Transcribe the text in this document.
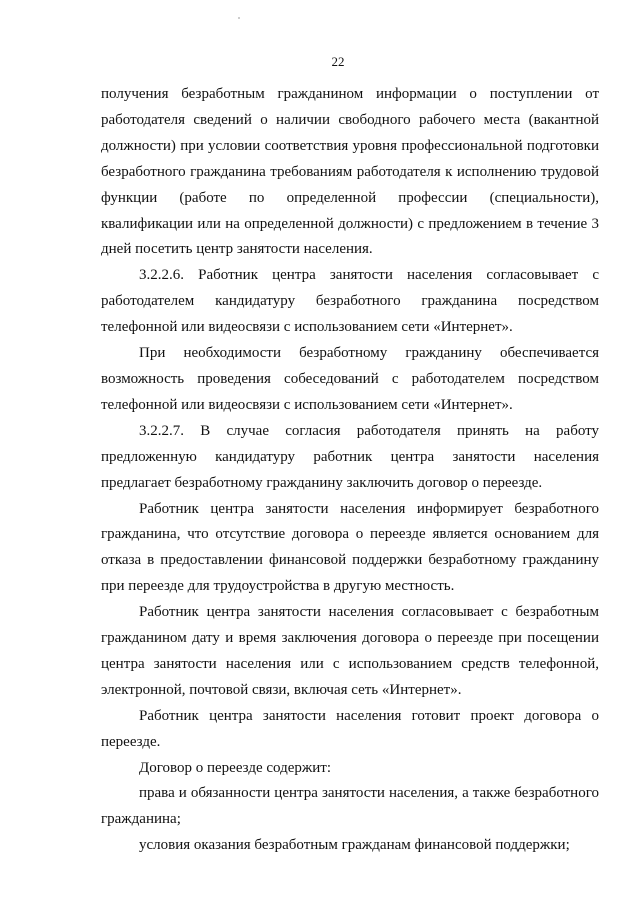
22

получения безработным гражданином информации о поступлении от работодателя сведений о наличии свободного рабочего места (вакантной должности) при условии соответствия уровня профессиональной подготовки безработного гражданина требованиям работодателя к исполнению трудовой функции (работе по определенной профессии (специальности), квалификации или на определенной должности) с предложением в течение 3 дней посетить центр занятости населения.

3.2.2.6. Работник центра занятости населения согласовывает с работодателем кандидатуру безработного гражданина посредством телефонной или видеосвязи с использованием сети «Интернет».

При необходимости безработному гражданину обеспечивается возможность проведения собеседований с работодателем посредством телефонной или видеосвязи с использованием сети «Интернет».

3.2.2.7. В случае согласия работодателя принять на работу предложенную кандидатуру работник центра занятости населения предлагает безработному гражданину заключить договор о переезде.

Работник центра занятости населения информирует безработного гражданина, что отсутствие договора о переезде является основанием для отказа в предоставлении финансовой поддержки безработному гражданину при переезде для трудоустройства в другую местность.

Работник центра занятости населения согласовывает с безработным гражданином дату и время заключения договора о переезде при посещении центра занятости населения или с использованием средств телефонной, электронной, почтовой связи, включая сеть «Интернет».

Работник центра занятости населения готовит проект договора о переезде.

Договор о переезде содержит:

права и обязанности центра занятости населения, а также безработного гражданина;

условия оказания безработным гражданам финансовой поддержки;
